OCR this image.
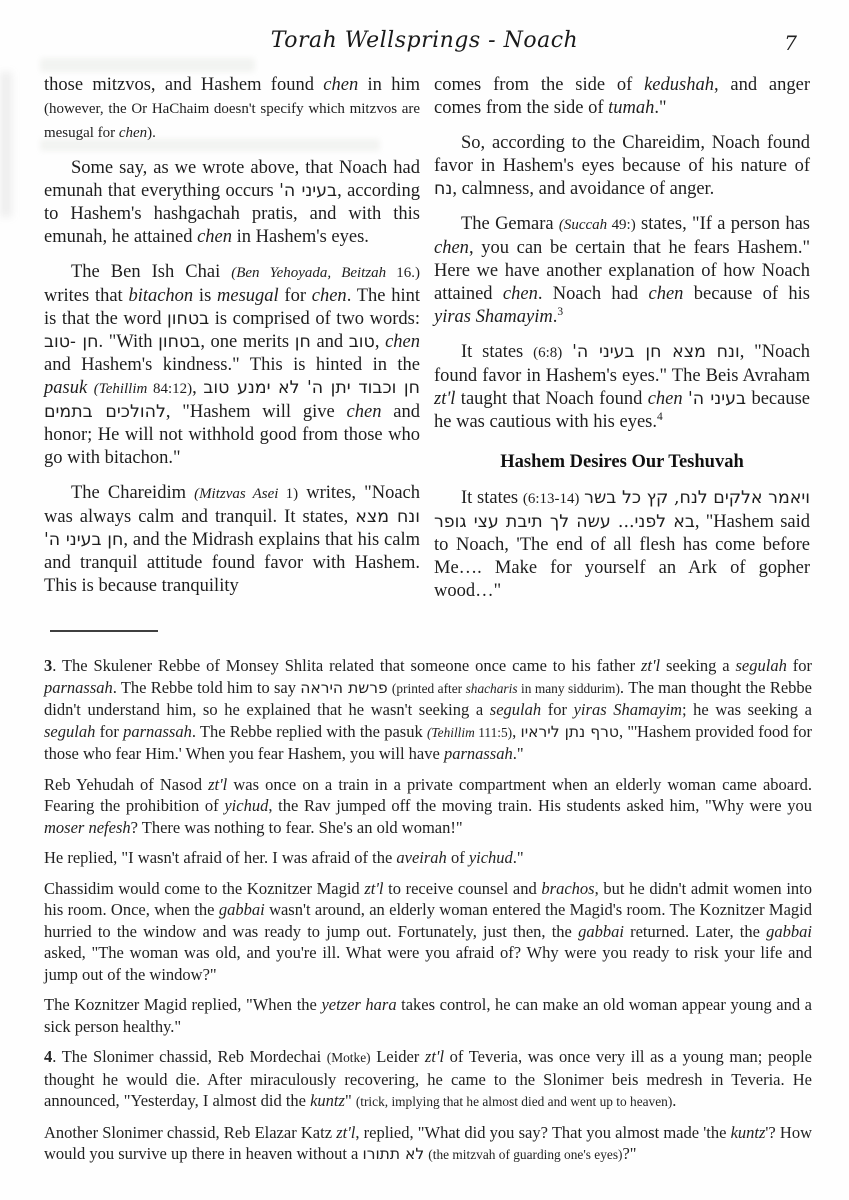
Torah Wellsprings - Noach	7

those mitzvos, and Hashem found chen in him (however, the Or HaChaim doesn't specify which mitzvos are mesugal for chen).

Some say, as we wrote above, that Noach had emunah that everything occurs בעיני ה', according to Hashem's hashgachah pratis, and with this emunah, he attained chen in Hashem's eyes.

The Ben Ish Chai (Ben Yehoyada, Beitzah 16.) writes that bitachon is mesugal for chen. The hint is that the word בטחון is comprised of two words: חן -טוב. "With בטחון, one merits חן and טוב, chen and Hashem's kindness." This is hinted in the pasuk (Tehillim 84:12), חן וכבוד יתן ה' לא ימנע טוב להולכים בתמים, "Hashem will give chen and honor; He will not withhold good from those who go with bitachon."

The Chareidim (Mitzvas Asei 1) writes, "Noach was always calm and tranquil. It states, ונח מצא חן בעיני ה', and the Midrash explains that his calm and tranquil attitude found favor with Hashem. This is because tranquility

comes from the side of kedushah, and anger comes from the side of tumah."

So, according to the Chareidim, Noach found favor in Hashem's eyes because of his nature of נח, calmness, and avoidance of anger.

The Gemara (Succah 49:) states, "If a person has chen, you can be certain that he fears Hashem." Here we have another explanation of how Noach attained chen. Noach had chen because of his yiras Shamayim.$^3$

It states (6:8) ונח מצא חן בעיני ה', "Noach found favor in Hashem's eyes." The Beis Avraham zt'l taught that Noach found chen בעיני ה' because he was cautious with his eyes.$^4$

Hashem Desires Our Teshuvah

It states (6:13-14) ויאמר אלקים לנח, קץ כל בשר בא לפני... עשה לך תיבת עצי גופר, "Hashem said to Noach, 'The end of all flesh has come before Me…. Make for yourself an Ark of gopher wood…"

3. The Skulener Rebbe of Monsey Shlita related that someone once came to his father zt'l seeking a segulah for parnassah. The Rebbe told him to say פרשת היראה (printed after shacharis in many siddurim). The man thought the Rebbe didn't understand him, so he explained that he wasn't seeking a segulah for yiras Shamayim; he was seeking a segulah for parnassah. The Rebbe replied with the pasuk (Tehillim 111:5), טרף נתן ליראיו, "'Hashem provided food for those who fear Him.' When you fear Hashem, you will have parnassah."

Reb Yehudah of Nasod zt'l was once on a train in a private compartment when an elderly woman came aboard. Fearing the prohibition of yichud, the Rav jumped off the moving train. His students asked him, "Why were you moser nefesh? There was nothing to fear. She's an old woman!"

He replied, "I wasn't afraid of her. I was afraid of the aveirah of yichud."

Chassidim would come to the Koznitzer Magid zt'l to receive counsel and brachos, but he didn't admit women into his room. Once, when the gabbai wasn't around, an elderly woman entered the Magid's room. The Koznitzer Magid hurried to the window and was ready to jump out. Fortunately, just then, the gabbai returned. Later, the gabbai asked, "The woman was old, and you're ill. What were you afraid of? Why were you ready to risk your life and jump out of the window?"

The Koznitzer Magid replied, "When the yetzer hara takes control, he can make an old woman appear young and a sick person healthy."

4. The Slonimer chassid, Reb Mordechai (Motke) Leider zt'l of Teveria, was once very ill as a young man; people thought he would die. After miraculously recovering, he came to the Slonimer beis medresh in Teveria. He announced, "Yesterday, I almost did the kuntz" (trick, implying that he almost died and went up to heaven).

Another Slonimer chassid, Reb Elazar Katz zt'l, replied, "What did you say? That you almost made 'the kuntz'? How would you survive up there in heaven without a לא תתורו (the mitzvah of guarding one's eyes)?"
